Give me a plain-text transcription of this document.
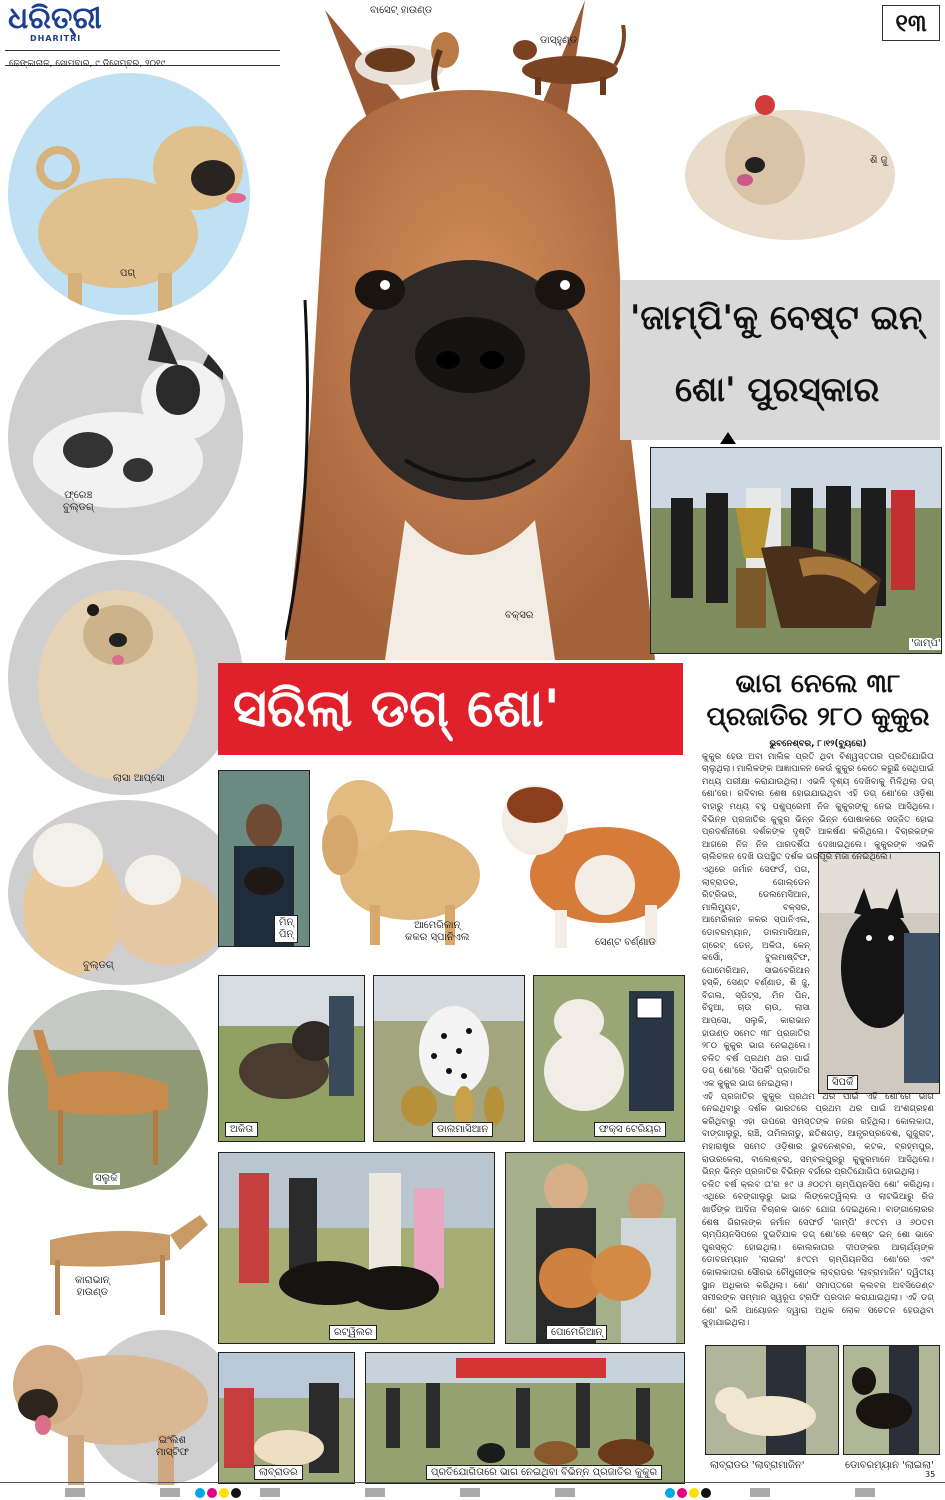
ଧରିତ୍ରୀ
DHARITRI
ଢେଙ୍କାନାଳ, ସୋମବାର, ୯ ଡିସେମ୍ବର, ୨୦୧୯
୧୩
ବକ୍ସର
ବାସେଟ୍ ହାଉଣ୍ଡ
ଡାସ୍‌ହୁଣ୍ଡ
ଶି ଜୁ
'ଜାମ୍ପି'କୁ ବେଷ୍ଟ ଇନ୍
ଶୋ' ପୁରସ୍କାର
'ଜାମ୍ପି'
ପଗ୍
ଫ୍ରେଞ୍ଚ
ବୁଲ୍‌ଡଗ୍
ଲାସା ଆପ୍ସୋ
ବୁଲ୍‌ଡଗ୍
ସଲୁକି
କାରାଭାନ୍
ହାଉଣ୍ଡ
ଇଂଲିଶ
ମାସ୍ଟିଫ
ସରିଲା ଡଗ୍ ଶୋ'	ଭାଗ ନେଲେ ୩୮
ପ୍ରଜାତିର ୨୮୦ କୁକୁର
ମିନ୍
ପିନ୍
ଆମେରିକାନ୍
କକର ସ୍ପାନିଏଲ	ସେଣ୍ଟ ବର୍ଣ୍ଣାଡ
ଅକିତା	ଡାଲମାସିଆନ	ଫକ୍ସ ଟେରିୟର
ସିପର୍କି
ରଟ୍‌ୱିଲର	ପୋମେରିଆନ୍
ଲାବ୍ରାଡର	ପ୍ରତିଯୋଗିତାରେ ଭାଗ ନେଇଥିବା ବିଭିନ୍ନ ପ୍ରଜାତିର କୁକୁର
ଲାବ୍ରାଡର 'ଲାବ୍ରାମାଜିନ'	ଡୋବରମ୍ୟାନ 'ଲାଇଲା'

ଭୁବନେଶ୍ବର, ୮।୧୨(ବ୍ୟୁରୋ)

କୁକୁର ହେଉ ଅବା ମାଲିକ ପ୍ରତି ଥିବା ବିଶ୍ୱସ୍ତତାର ପ୍ରତିଯୋଗିତା ଚାଲୁଥିଲା। ମାଲିକଙ୍କ ଆଜ୍ଞାପାଳନ କେଉଁ କୁକୁର କେତେ କରୁଛି ସେଥିପାଇଁ ମଧ୍ୟ ପରୀକ୍ଷା କରାଯାଉଥିଲା। ଏଭଳି ଦୃଶ୍ୟ ଦେଖିବାକୁ ମିଳିଥିଲା ଡଗ୍ ଶୋ'ରେ। ରବିବାର ଶେଷ ହୋଇଯାଇଥିବା ଏହି ଡଗ୍ ଶୋ'ରେ ଓଡ଼ିଶା ବାହାରୁ ମଧ୍ୟ ବହୁ ପଶୁପ୍ରେମୀ ନିଜ କୁକୁରଙ୍କୁ ନେଇ ଆସିଥିଲେ। ବିଭିନ୍ନ ପ୍ରଜାତିର କୁକୁର ଭିନ୍ନ ଭିନ୍ନ ପୋଷାକରେ ସଜ୍ଜିତ ହୋଇ ପ୍ରଦର୍ଶନୀରେ ଦର୍ଶକଙ୍କ ଦୃଷ୍ଟି ଆକର୍ଷଣ କରିଥିଲେ। ବିଚାରକଙ୍କ ଆଗରେ ନିଜ ନିଜ ପାରଦର୍ଶିତା ଦେଖାଇଥିଲେ। କୁକୁରଙ୍କ ଏଭଳି ଚାଲିଚଳନ ଦେଖି ଉପସ୍ଥିତ ଦର୍ଶକ ଭରପୂର ମଜା ନେଇଥିଲେ।

ଏଥିରେ ଜର୍ମାନ ସେଫର୍ଡ, ପଗ, ଲାବ୍ରାଡର, ଗୋଲ୍ଡେନ ରିଟ୍ରିଭର, ଡେଲମେସିଆନ, ମାଲିମ୍ୟୁଟ, ବକ୍ସର, ଆମେରିକାନ କକର ସ୍ପାନିଏଲ, ଡୋବରମ୍ୟାନ, ଡାଲମାସିଆନ, ଗ୍ରେଟ୍ ଡେନ୍, ଅକିତା, କେନ୍ କର୍ସୋ, ବୁଲମାଷ୍ଟିଫ, ପୋମେରିଆନ, ସାଇବେରିଆନ ହସ୍କି, ସେଣ୍ଟ ବର୍ଣ୍ଣାଡ, ଶି ଜୁ, ବିଗଲ, ସ୍ପିଟ୍ସ, ମିନ ପିନ, ଚିହୁଆ, ଚାଉ ଚାଉ, ଲାସା ଆପ୍ସୋ, ସଲୁକି, କାରାଭାନ ହାଉଣ୍ଡ ସମେତ ୩୮ ପ୍ରଜାତିର ୨୮୦ କୁକୁର ଭାଗ ନେଇଥିଲେ। ଚଳିତ ବର୍ଷ ପ୍ରଥମ ଥର ପାଇଁ ଡଗ୍ ଶୋ'ରେ 'ସିପର୍କି' ପ୍ରଜାତିର ଏକ କୁକୁର ଭାଗ ନେଇଥିଲା।

ଏହି ପ୍ରଜାତିର କୁକୁର ପ୍ରଥମ ଥର ପାଇଁ ଏହି ଶୋ'ରେ ଭାଗ ନେଇଥିବାରୁ ଦର୍ଶକ ଭାରତରେ ପ୍ରଥମ ଥର ପାଇଁ ଅଂଶଗ୍ରହଣ କରିଥିବାରୁ ଏହା ଉପରେ ସମସ୍ତଙ୍କ ନଜର ରହିଥିଲା। କୋଲକାତା, ବାଙ୍ଗାଲୁରୁ, ରାଞ୍ଚି, ତାମିଲନାଡୁ, ଛତିଶଗଡ଼, ଆନ୍ଧ୍ରପ୍ରଦେଶ, ଗୁଜୁରାଟ, ମହାରାଷ୍ଟ୍ର ସମେତ ଓଡ଼ିଶାର ଭୁବନେଶ୍ବର, କଟକ, ବ୍ରହ୍ମପୁର, ରାଉରକେଲା, ବାଲେଶ୍ବର, ସମ୍ବଲପୁରରୁ କୁକୁରମାନେ ଆସିଥିଲେ। ଭିନ୍ନ ଭିନ୍ନ ପ୍ରଜାତିର ବିଭିନ୍ନ ବର୍ଗରେ ପ୍ରତିଯୋଗିତା ହୋଇଥିଲା।

ଚଳିତ ବର୍ଷ କ୍ଲବ ତା'ର ୫୯ ଓ ୬୦ତମ ଚାମ୍ପିୟନସିପ ଶୋ' କରିଥିଲା। ଏଥିରେ ବେଙ୍ଗାଲୁରୁ ଭାଇ ଲିଙ୍କେତ୍ୱିଲ୍ଲ ଓ ଲାଟଭିଆରୁ ରିଜ ଖାର୍ଡିଙ୍କ ଆଦିନା ବିଚାରକ ଭାବେ ଯୋଗ ଦେଇଥିଲେ। ବାଙ୍ଗାଲୋରର ଶେଷ ଗିରାଲଙ୍କ ଜର୍ମାନ ସେଫର୍ଡ 'ଜାମ୍ପି' ୫୯ତମ ଓ ୬୦ତମ ଚାମ୍ପିୟନସିପରେ ଦୁଇଟିଯାକ ଡଗ୍ ଶୋ'ରେ ବେଷ୍ଟ ଇନ୍ ଶୋ ଭାବେ ପୁରସ୍କୃତ ହୋଇଥିଲା। କୋଲକାତାର ଦୀପଙ୍କର ଆଚାର୍ଯ୍ୟଙ୍କ ଡୋବରମ୍ୟାନ 'ଲାଇଲା' ୫୯ତମ ଚାମ୍ପିୟନସିପ ଶୋ'ରେ ଏବଂ କୋଲକାତାର ସୌରଭ ଚୌଧୁରୀଙ୍କ ଲାବ୍ରାଡର 'ଲାବ୍ରାମାଜିନ' ଦ୍ୱିତୀୟ ସ୍ଥାନ ଅଧିକାର କରିଥିଲା। ଶୋ' ସମାପ୍ତରେ କ୍ଲବର ଅବସିଡେଣ୍ଟ ସମୀରଙ୍କ ସମ୍ମାନ ସ୍ୱରୂପ ଟ୍ରଫି ପ୍ରଦାନ କରାଯାଇଥିଲା। ଏହି ଡଗ୍ ଶୋ' ଭଳି ଆୟୋଜନ ଦ୍ୱାରା ଅଧିକ ଲୋକ ସଚେତନ ହେଉଥିବା କୁହାଯାଇଥିଲା।

35
